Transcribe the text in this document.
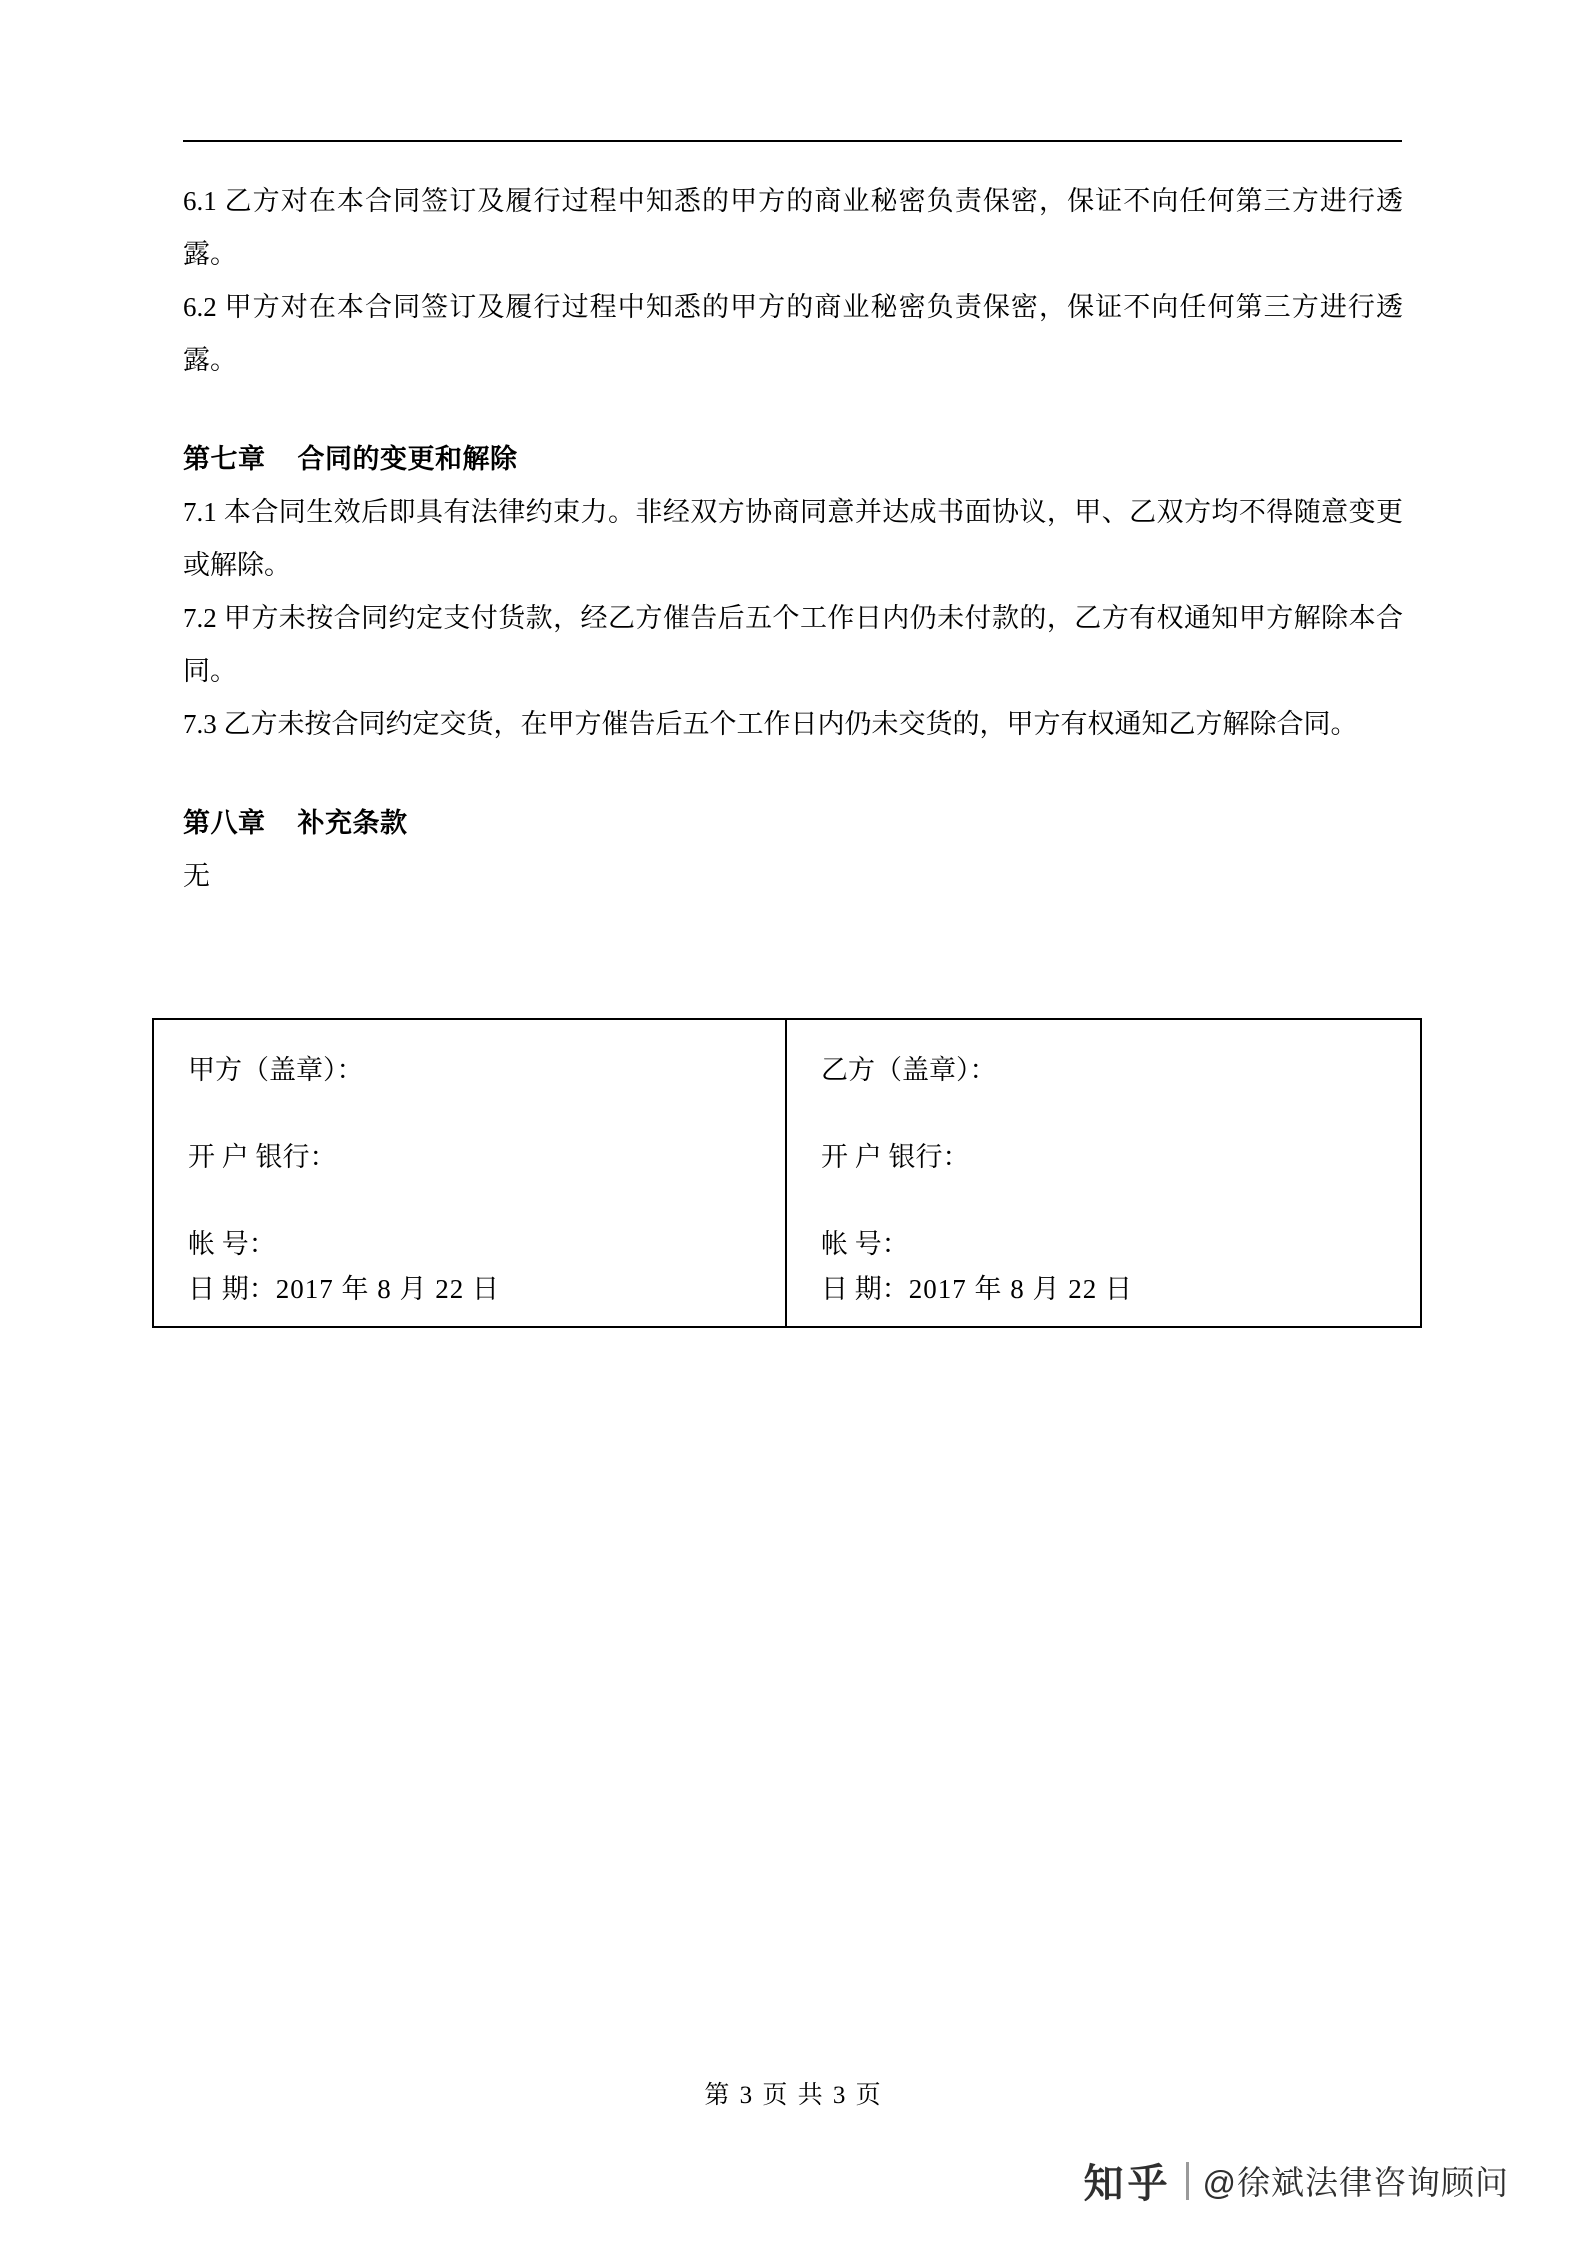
6.1 乙方对在本合同签订及履行过程中知悉的甲方的商业秘密负责保密，保证不向任何第三方进行透露。

6.2 甲方对在本合同签订及履行过程中知悉的甲方的商业秘密负责保密，保证不向任何第三方进行透露。

第七章 合同的变更和解除

7.1 本合同生效后即具有法律约束力。非经双方协商同意并达成书面协议，甲、乙双方均不得随意变更或解除。

7.2 甲方未按合同约定支付货款，经乙方催告后五个工作日内仍未付款的，乙方有权通知甲方解除本合同。

7.3 乙方未按合同约定交货，在甲方催告后五个工作日内仍未交货的，甲方有权通知乙方解除合同。

第八章 补充条款

无

甲方（盖章）：
开 户 银行：
帐 号：
日 期：2017 年 8 月 22 日
乙方（盖章）：
开 户 银行：
帐 号：
日 期：2017 年 8 月 22 日
第 3 页 共 3 页
知乎 @徐斌法律咨询顾问
